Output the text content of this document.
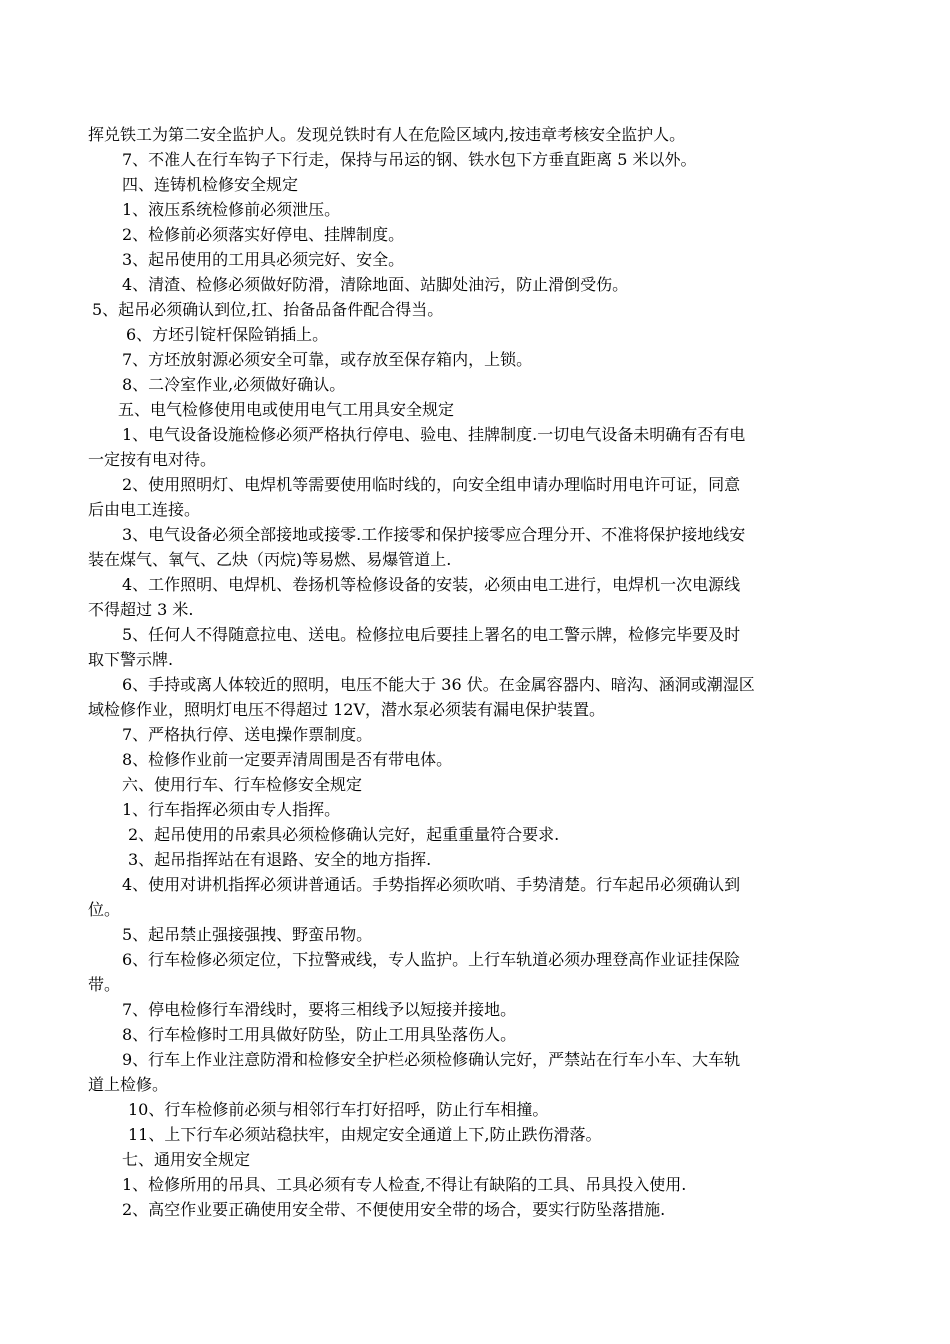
挥兑铁工为第二安全监护人。发现兑铁时有人在危险区域内,按违章考核安全监护人。
7、不准人在行车钩子下行走，保持与吊运的钢、铁水包下方垂直距离 5 米以外。
四、连铸机检修安全规定
1、液压系统检修前必须泄压。
2、检修前必须落实好停电、挂牌制度。
3、起吊使用的工用具必须完好、安全。
4、清渣、检修必须做好防滑，清除地面、站脚处油污，防止滑倒受伤。
5、起吊必须确认到位,扛、抬备品备件配合得当。
6、方坯引锭杆保险销插上。
7、方坯放射源必须安全可靠，或存放至保存箱内，上锁。
8、二冷室作业,必须做好确认。
五、电气检修使用电或使用电气工用具安全规定
1、电气设备设施检修必须严格执行停电、验电、挂牌制度.一切电气设备未明确有否有电
一定按有电对待。
2、使用照明灯、电焊机等需要使用临时线的，向安全组申请办理临时用电许可证，同意
后由电工连接。
3、电气设备必须全部接地或接零.工作接零和保护接零应合理分开、不准将保护接地线安
装在煤气、氧气、乙炔（丙烷)等易燃、易爆管道上.
4、工作照明、电焊机、卷扬机等检修设备的安装，必须由电工进行，电焊机一次电源线
不得超过 3 米.
5、任何人不得随意拉电、送电。检修拉电后要挂上署名的电工警示牌，检修完毕要及时
取下警示牌.
6、手持或离人体较近的照明，电压不能大于 36 伏。在金属容器内、暗沟、涵洞或潮湿区
域检修作业，照明灯电压不得超过 12V，潜水泵必须装有漏电保护装置。
7、严格执行停、送电操作票制度。
8、检修作业前一定要弄清周围是否有带电体。
六、使用行车、行车检修安全规定
1、行车指挥必须由专人指挥。
2、起吊使用的吊索具必须检修确认完好，起重重量符合要求.
3、起吊指挥站在有退路、安全的地方指挥.
4、使用对讲机指挥必须讲普通话。手势指挥必须吹哨、手势清楚。行车起吊必须确认到
位。
5、起吊禁止强接强拽、野蛮吊物。
6、行车检修必须定位，下拉警戒线，专人监护。上行车轨道必须办理登高作业证挂保险
带。
7、停电检修行车滑线时，要将三相线予以短接并接地。
8、行车检修时工用具做好防坠，防止工用具坠落伤人。
9、行车上作业注意防滑和检修安全护栏必须检修确认完好，严禁站在行车小车、大车轨
道上检修。
10、行车检修前必须与相邻行车打好招呼，防止行车相撞。
11、上下行车必须站稳扶牢，由规定安全通道上下,防止跌伤滑落。
七、通用安全规定
1、检修所用的吊具、工具必须有专人检查,不得让有缺陷的工具、吊具投入使用.
2、高空作业要正确使用安全带、不便使用安全带的场合，要实行防坠落措施.
